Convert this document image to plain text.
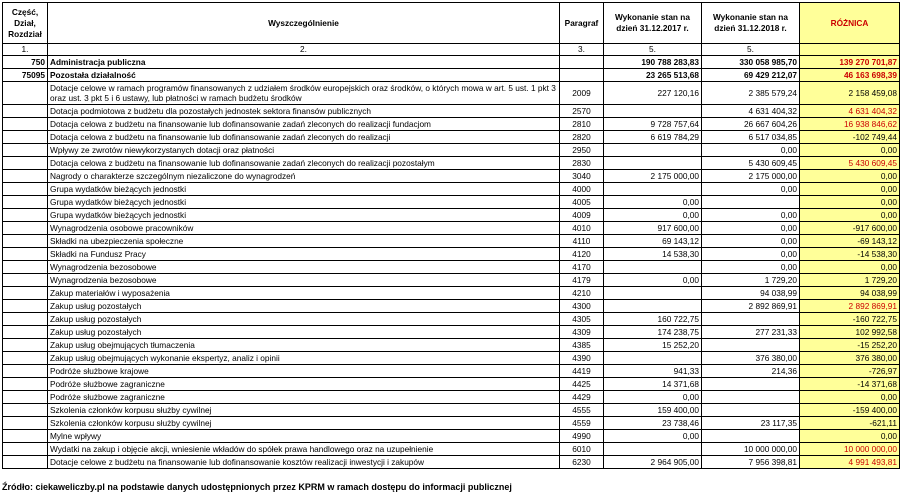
Część, Dział, Rozdział	Wyszczególnienie	Paragraf	Wykonanie stan na dzień 31.12.2017 r.	Wykonanie stan na dzień 31.12.2018 r.	RÓŻNICA
1.	2.	3.	5.	5.	
750	Administracja publiczna		190 788 283,83	330 058 985,70	139 270 701,87
75095	Pozostała działalność		23 265 513,68	69 429 212,07	46 163 698,39
	Dotacje celowe w ramach programów finansowanych z udziałem środków europejskich oraz środków, o których mowa w art. 5 ust. 1 pkt 3 oraz ust. 3 pkt 5 i 6 ustawy, lub płatności w ramach budżetu środków	2009	227 120,16	2 385 579,24	2 158 459,08
	Dotacja podmiotowa z budżetu dla pozostałych jednostek sektora finansów publicznych	2570		4 631 404,32	4 631 404,32
	Dotacja celowa z budżetu na finansowanie lub dofinansowanie zadań zleconych do realizacji fundacjom	2810	9 728 757,64	26 667 604,26	16 938 846,62
	Dotacja celowa z budżetu na finansowanie lub dofinansowanie zadań zleconych do realizacji	2820	6 619 784,29	6 517 034,85	-102 749,44
	Wpływy ze zwrotów niewykorzystanych dotacji oraz płatności	2950		0,00	0,00
	Dotacja celowa z budżetu na finansowanie lub dofinansowanie zadań zleconych do realizacji pozostałym	2830		5 430 609,45	5 430 609,45
	Nagrody o charakterze szczególnym niezaliczone do wynagrodzeń	3040	2 175 000,00	2 175 000,00	0,00
	Grupa wydatków bieżących jednostki	4000		0,00	0,00
	Grupa wydatków bieżących jednostki	4005	0,00		0,00
	Grupa wydatków bieżących jednostki	4009	0,00	0,00	0,00
	Wynagrodzenia osobowe pracowników	4010	917 600,00	0,00	-917 600,00
	Składki na ubezpieczenia społeczne	4110	69 143,12	0,00	-69 143,12
	Składki na Fundusz Pracy	4120	14 538,30	0,00	-14 538,30
	Wynagrodzenia bezosobowe	4170		0,00	0,00
	Wynagrodzenia bezosobowe	4179	0,00	1 729,20	1 729,20
	Zakup materiałów i wyposażenia	4210		94 038,99	94 038,99
	Zakup usług pozostałych	4300		2 892 869,91	2 892 869,91
	Zakup usług pozostałych	4305	160 722,75		-160 722,75
	Zakup usług pozostałych	4309	174 238,75	277 231,33	102 992,58
	Zakup usług obejmujących tłumaczenia	4385	15 252,20		-15 252,20
	Zakup usług obejmujących wykonanie ekspertyz, analiz i opinii	4390		376 380,00	376 380,00
	Podróże służbowe krajowe	4419	941,33	214,36	-726,97
	Podróże służbowe zagraniczne	4425	14 371,68		-14 371,68
	Podróże służbowe zagraniczne	4429	0,00		0,00
	Szkolenia członków korpusu służby cywilnej	4555	159 400,00		-159 400,00
	Szkolenia członków korpusu służby cywilnej	4559	23 738,46	23 117,35	-621,11
	Mylne wpływy	4990	0,00		0,00
	Wydatki na zakup i objęcie akcji, wniesienie wkładów do spółek prawa handlowego oraz na uzupełnienie	6010		10 000 000,00	10 000 000,00
	Dotacje celowe z budżetu na finansowanie lub dofinansowanie kosztów realizacji inwestycji i zakupów	6230	2 964 905,00	7 956 398,81	4 991 493,81
Źródło: ciekaweliczby.pl na podstawie danych udostępnionych przez KPRM w ramach dostępu do informacji publicznej
